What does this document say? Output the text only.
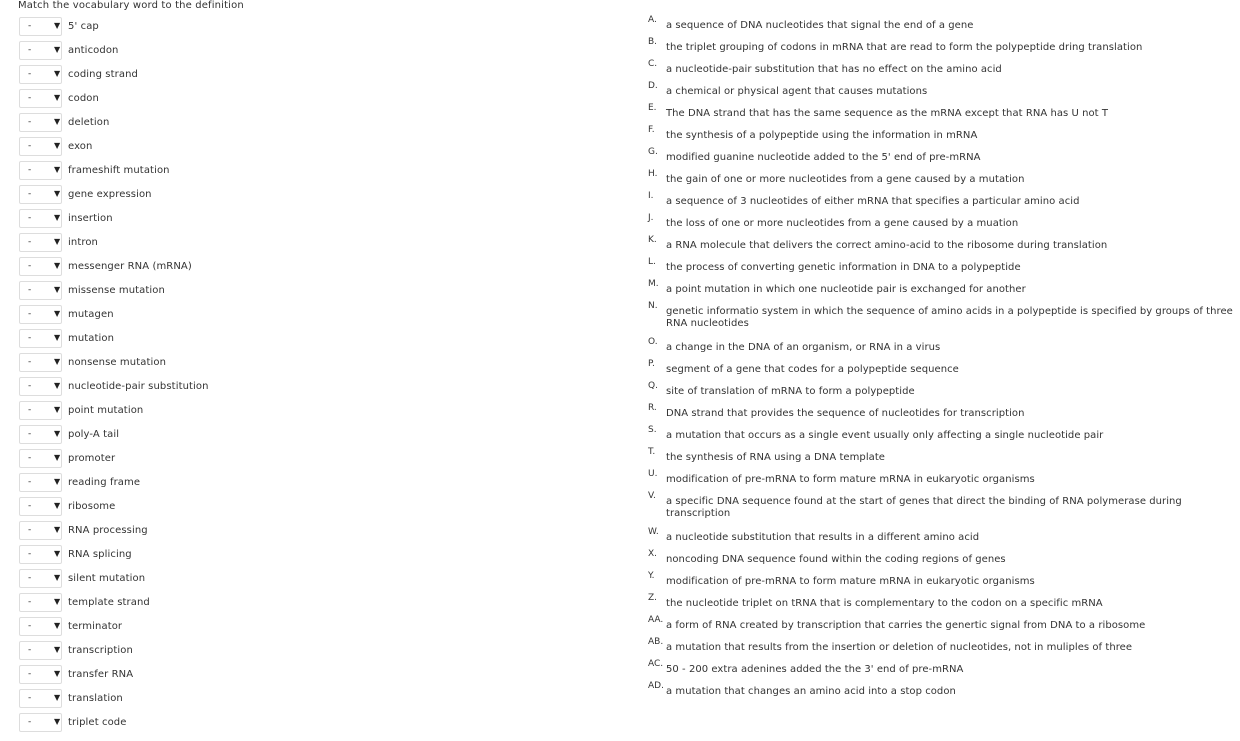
Match the vocabulary word to the definition
-	▼ 5' cap
-	▼ anticodon
-	▼ coding strand
-	▼ codon
-	▼ deletion
-	▼ exon
-	▼ frameshift mutation
-	▼ gene expression
-	▼ insertion
-	▼ intron
-	▼ messenger RNA (mRNA)
-	▼ missense mutation
-	▼ mutagen
-	▼ mutation
-	▼ nonsense mutation
-	▼ nucleotide-pair substitution
-	▼ point mutation
-	▼ poly-A tail
-	▼ promoter
-	▼ reading frame
-	▼ ribosome
-	▼ RNA processing
-	▼ RNA splicing
-	▼ silent mutation
-	▼ template strand
-	▼ terminator
-	▼ transcription
-	▼ transfer RNA
-	▼ translation
-	▼ triplet code
A. a sequence of DNA nucleotides that signal the end of a gene
B. the triplet grouping of codons in mRNA that are read to form the polypeptide dring translation
C. a nucleotide-pair substitution that has no effect on the amino acid
D. a chemical or physical agent that causes mutations
E. The DNA strand that has the same sequence as the mRNA except that RNA has U not T
F.	the synthesis of a polypeptide using the information in mRNA
G. modified guanine nucleotide added to the 5' end of pre-mRNA
H. the gain of one or more nucleotides from a gene caused by a mutation
I.	a sequence of 3 nucleotides of either mRNA that specifies a particular amino acid
J.	the loss of one or more nucleotides from a gene caused by a muation
K. a RNA molecule that delivers the correct amino-acid to the ribosome during translation
L.	the process of converting genetic information in DNA to a polypeptide
M. a point mutation in which one nucleotide pair is exchanged for another
N. genetic informatio system in which the sequence of amino acids in a polypeptide is specified by groups of three RNA nucleotides
O. a change in the DNA of an organism, or RNA in a virus
P.	segment of a gene that codes for a polypeptide sequence
Q. site of translation of mRNA to form a polypeptide
R. DNA strand that provides the sequence of nucleotides for transcription
S. a mutation that occurs as a single event usually only affecting a single nucleotide pair
T.	the synthesis of RNA using a DNA template
U. modification of pre-mRNA to form mature mRNA in eukaryotic organisms
V.	a specific DNA sequence found at the start of genes that direct the binding of RNA polymerase during transcription
W. a nucleotide substitution that results in a different amino acid
X. noncoding DNA sequence found within the coding regions of genes
Y.	modification of pre-mRNA to form mature mRNA in eukaryotic organisms
Z. the nucleotide triplet on tRNA that is complementary to the codon on a specific mRNA
AA. a form of RNA created by transcription that carries the genertic signal from DNA to a ribosome
AB. a mutation that results from the insertion or deletion of nucleotides, not in muliples of three
AC. 50 - 200 extra adenines added the the 3' end of pre-mRNA
AD. a mutation that changes an amino acid into a stop codon
